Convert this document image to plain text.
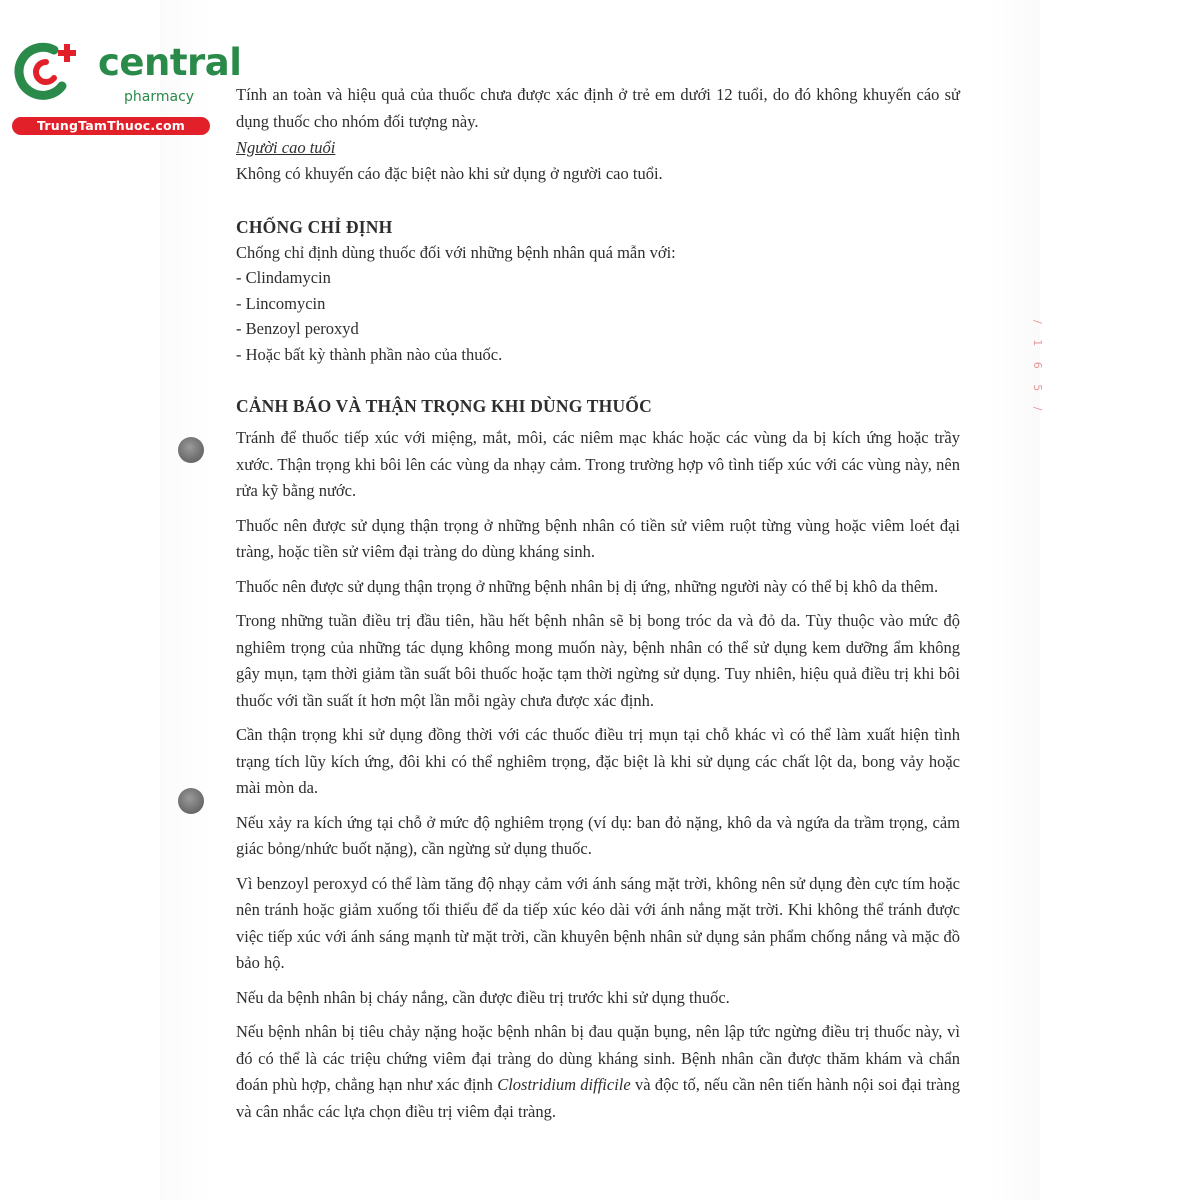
central
pharmacy
TrungTamThuoc.com
/ 1 6 5 /

Tính an toàn và hiệu quả của thuốc chưa được xác định ở trẻ em dưới 12 tuổi, do đó không khuyến cáo sử dụng thuốc cho nhóm đối tượng này.

Người cao tuổi

Không có khuyến cáo đặc biệt nào khi sử dụng ở người cao tuổi.

CHỐNG CHỈ ĐỊNH

Chống chỉ định dùng thuốc đối với những bệnh nhân quá mẫn với:

- Clindamycin

- Lincomycin

- Benzoyl peroxyd

- Hoặc bất kỳ thành phần nào của thuốc.

CẢNH BÁO VÀ THẬN TRỌNG KHI DÙNG THUỐC

Tránh để thuốc tiếp xúc với miệng, mắt, môi, các niêm mạc khác hoặc các vùng da bị kích ứng hoặc trầy xước. Thận trọng khi bôi lên các vùng da nhạy cảm. Trong trường hợp vô tình tiếp xúc với các vùng này, nên rửa kỹ bằng nước.

Thuốc nên được sử dụng thận trọng ở những bệnh nhân có tiền sử viêm ruột từng vùng hoặc viêm loét đại tràng, hoặc tiền sử viêm đại tràng do dùng kháng sinh.

Thuốc nên được sử dụng thận trọng ở những bệnh nhân bị dị ứng, những người này có thể bị khô da thêm.

Trong những tuần điều trị đầu tiên, hầu hết bệnh nhân sẽ bị bong tróc da và đỏ da. Tùy thuộc vào mức độ nghiêm trọng của những tác dụng không mong muốn này, bệnh nhân có thể sử dụng kem dưỡng ẩm không gây mụn, tạm thời giảm tần suất bôi thuốc hoặc tạm thời ngừng sử dụng. Tuy nhiên, hiệu quả điều trị khi bôi thuốc với tần suất ít hơn một lần mỗi ngày chưa được xác định.

Cần thận trọng khi sử dụng đồng thời với các thuốc điều trị mụn tại chỗ khác vì có thể làm xuất hiện tình trạng tích lũy kích ứng, đôi khi có thể nghiêm trọng, đặc biệt là khi sử dụng các chất lột da, bong vảy hoặc mài mòn da.

Nếu xảy ra kích ứng tại chỗ ở mức độ nghiêm trọng (ví dụ: ban đỏ nặng, khô da và ngứa da trầm trọng, cảm giác bỏng/nhức buốt nặng), cần ngừng sử dụng thuốc.

Vì benzoyl peroxyd có thể làm tăng độ nhạy cảm với ánh sáng mặt trời, không nên sử dụng đèn cực tím hoặc nên tránh hoặc giảm xuống tối thiểu để da tiếp xúc kéo dài với ánh nắng mặt trời. Khi không thể tránh được việc tiếp xúc với ánh sáng mạnh từ mặt trời, cần khuyên bệnh nhân sử dụng sản phẩm chống nắng và mặc đồ bảo hộ.

Nếu da bệnh nhân bị cháy nắng, cần được điều trị trước khi sử dụng thuốc.

Nếu bệnh nhân bị tiêu chảy nặng hoặc bệnh nhân bị đau quặn bụng, nên lập tức ngừng điều trị thuốc này, vì đó có thể là các triệu chứng viêm đại tràng do dùng kháng sinh. Bệnh nhân cần được thăm khám và chẩn đoán phù hợp, chẳng hạn như xác định Clostridium difficile và độc tố, nếu cần nên tiến hành nội soi đại tràng và cân nhắc các lựa chọn điều trị viêm đại tràng.
